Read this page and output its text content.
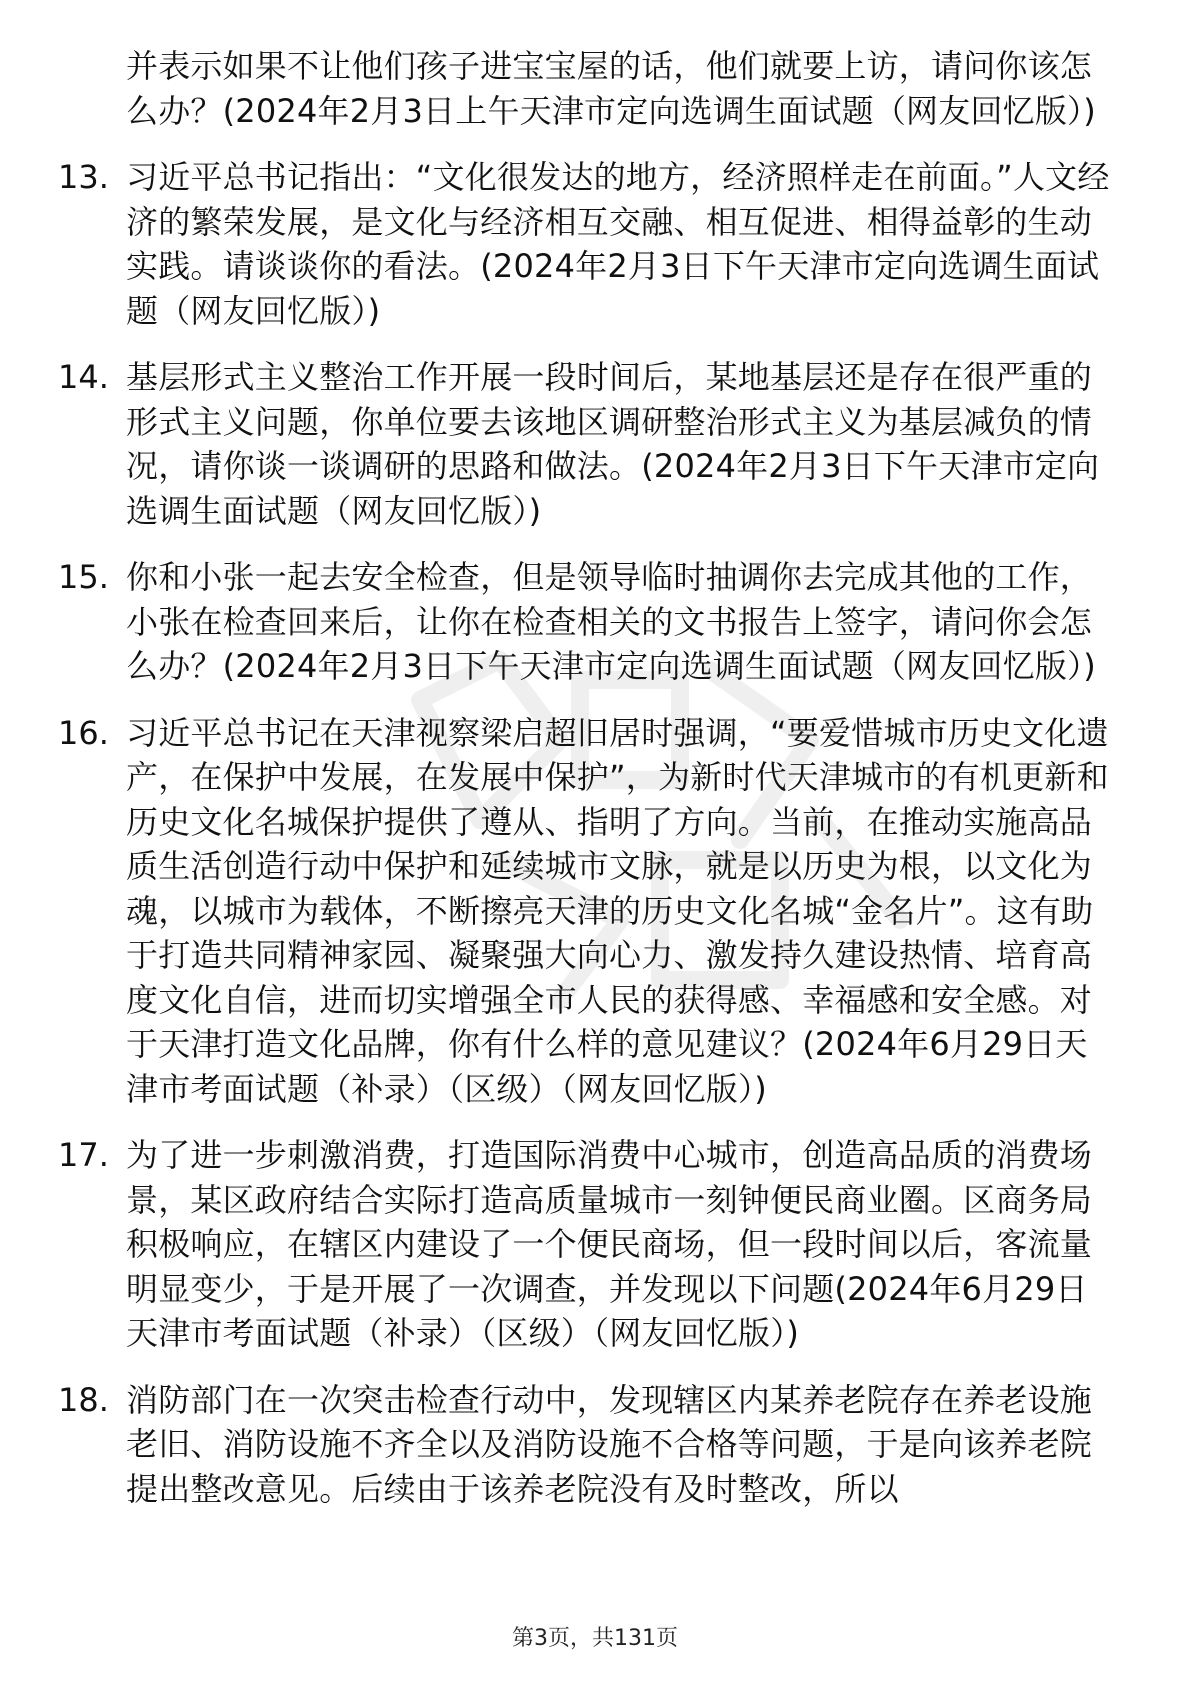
并表示如果不让他们孩子进宝宝屋的话，他们就要上访，请问你该怎么办？(2024年2月3日上午天津市定向选调生面试题（网友回忆版）)
13. 习近平总书记指出：“文化很发达的地方，经济照样走在前面。”人文经济的繁荣发展，是文化与经济相互交融、相互促进、相得益彰的生动实践。请谈谈你的看法。(2024年2月3日下午天津市定向选调生面试题（网友回忆版）)
14. 基层形式主义整治工作开展一段时间后，某地基层还是存在很严重的形式主义问题，你单位要去该地区调研整治形式主义为基层减负的情况，请你谈一谈调研的思路和做法。(2024年2月3日下午天津市定向选调生面试题（网友回忆版）)
15. 你和小张一起去安全检查，但是领导临时抽调你去完成其他的工作，小张在检查回来后，让你在检查相关的文书报告上签字，请问你会怎么办？(2024年2月3日下午天津市定向选调生面试题（网友回忆版）)
16. 习近平总书记在天津视察梁启超旧居时强调，“要爱惜城市历史文化遗产，在保护中发展，在发展中保护”，为新时代天津城市的有机更新和历史文化名城保护提供了遵从、指明了方向。当前，在推动实施高品质生活创造行动中保护和延续城市文脉，就是以历史为根，以文化为魂，以城市为载体，不断擦亮天津的历史文化名城“金名片”。这有助于打造共同精神家园、凝聚强大向心力、激发持久建设热情、培育高度文化自信，进而切实增强全市人民的获得感、幸福感和安全感。对于天津打造文化品牌，你有什么样的意见建议？(2024年6月29日天津市考面试题（补录）（区级）（网友回忆版）)
17. 为了进一步刺激消费，打造国际消费中心城市，创造高品质的消费场景，某区政府结合实际打造高质量城市一刻钟便民商业圈。区商务局积极响应，在辖区内建设了一个便民商场，但一段时间以后，客流量明显变少，于是开展了一次调查，并发现以下问题(2024年6月29日天津市考面试题（补录）（区级）（网友回忆版）)
18. 消防部门在一次突击检查行动中，发现辖区内某养老院存在养老设施老旧、消防设施不齐全以及消防设施不合格等问题，于是向该养老院提出整改意见。后续由于该养老院没有及时整改，所以
第3页，共131页
